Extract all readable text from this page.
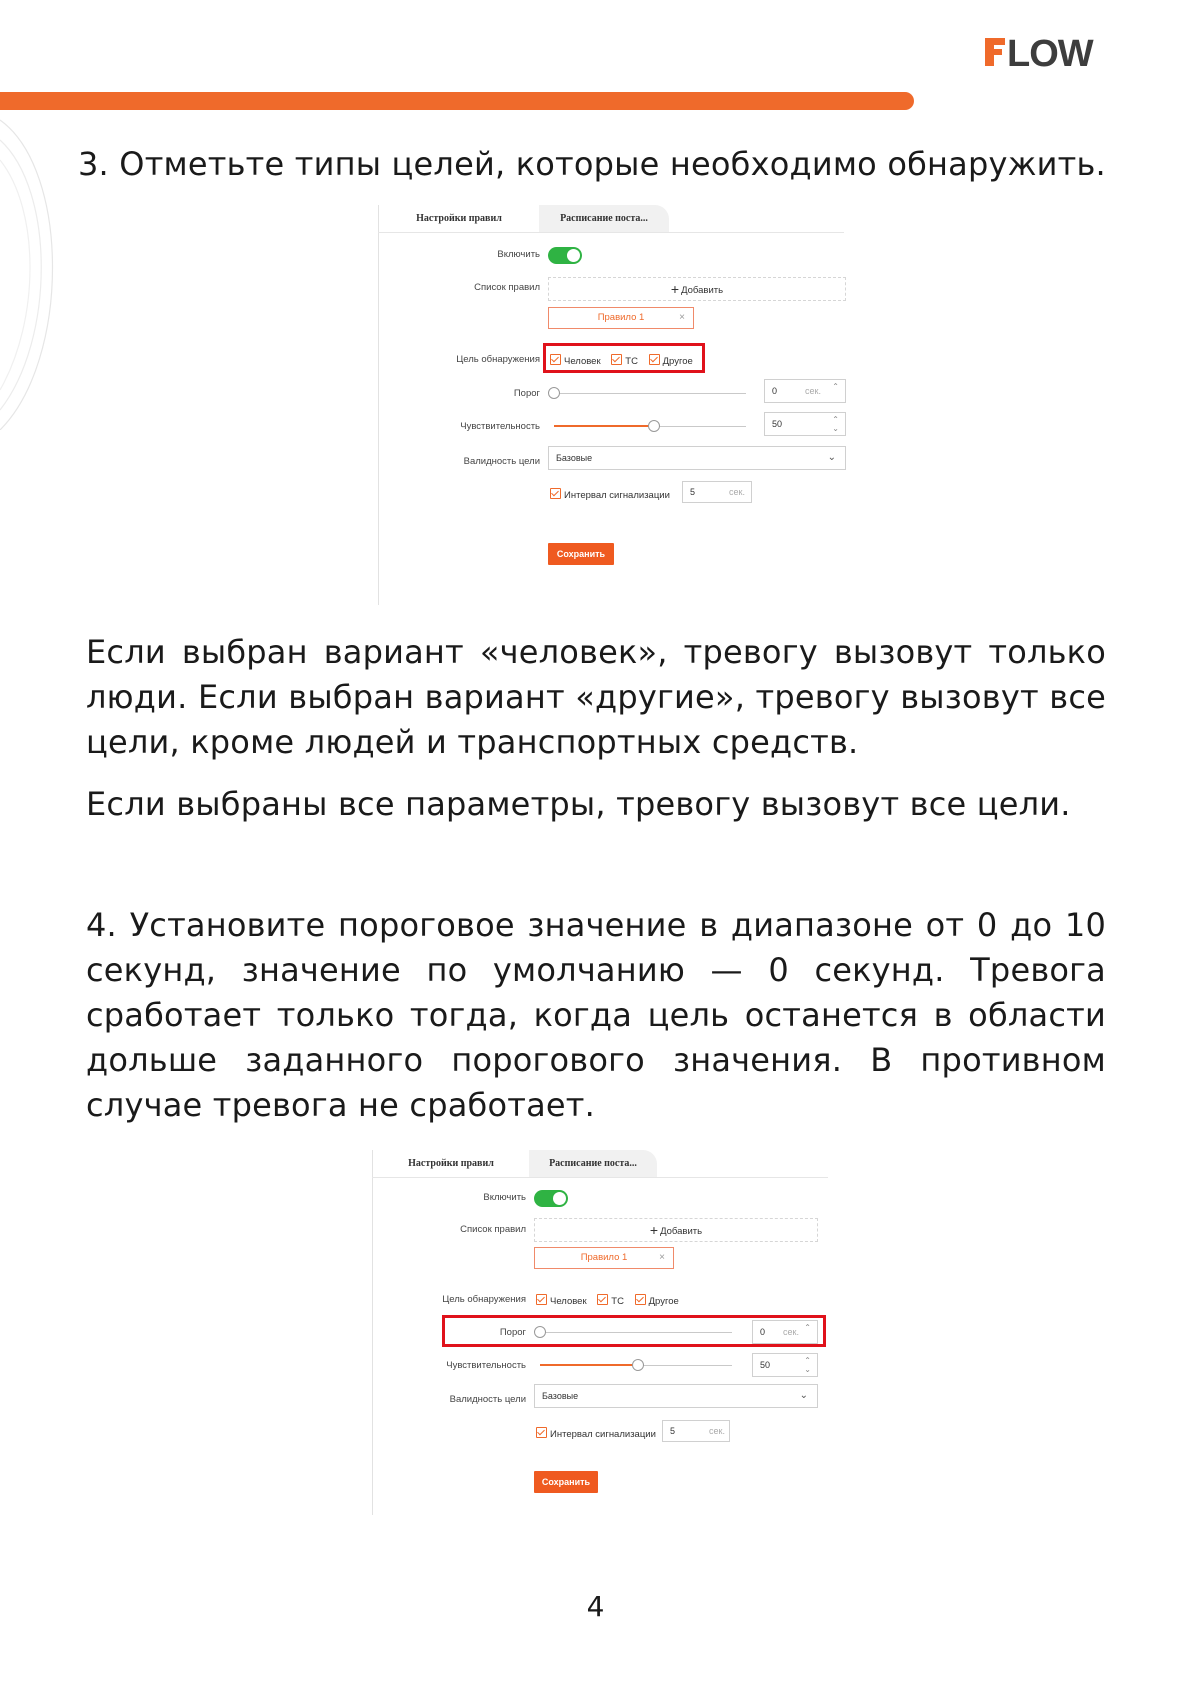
LOW
3. Отметьте типы целей, которые необходимо обнаружить.
Настройки правил	Расписание поста...
Включить
Список правил	+ Добавить
Правило 1	×
Цель обнаружения	Человек	ТС	Другое
Порог	0	сек. ⌃
Чувствительность	50	⌃
⌄
Валидность цели Базовые	⌄
Интервал сигнализации 5	сек.
Сохранить
Если выбран вариант «человек», тревогу вызовут только люди. Если выбран вариант «другие», тревогу вызовут все цели, кроме людей и транспортных средств.
Если выбраны все параметры, тревогу вызовут все цели.
4. Установите пороговое значение в диапазоне от 0 до 10 секунд, значение по умолчанию — 0 секунд. Тревога сработает только тогда, когда цель останется в области дольше заданного порогового значения. В противном случае тревога не сработает.
Настройки правил	Расписание поста...
Включить
Список правил	+ Добавить
Правило 1	×
Цель обнаружения	Человек	ТС	Другое
Порог	0 сек. ⌃
Чувствительность	50	⌃
⌄
Валидность цели Базовые	⌄
Интервал сигнализации 5	сек.
Сохранить
4
